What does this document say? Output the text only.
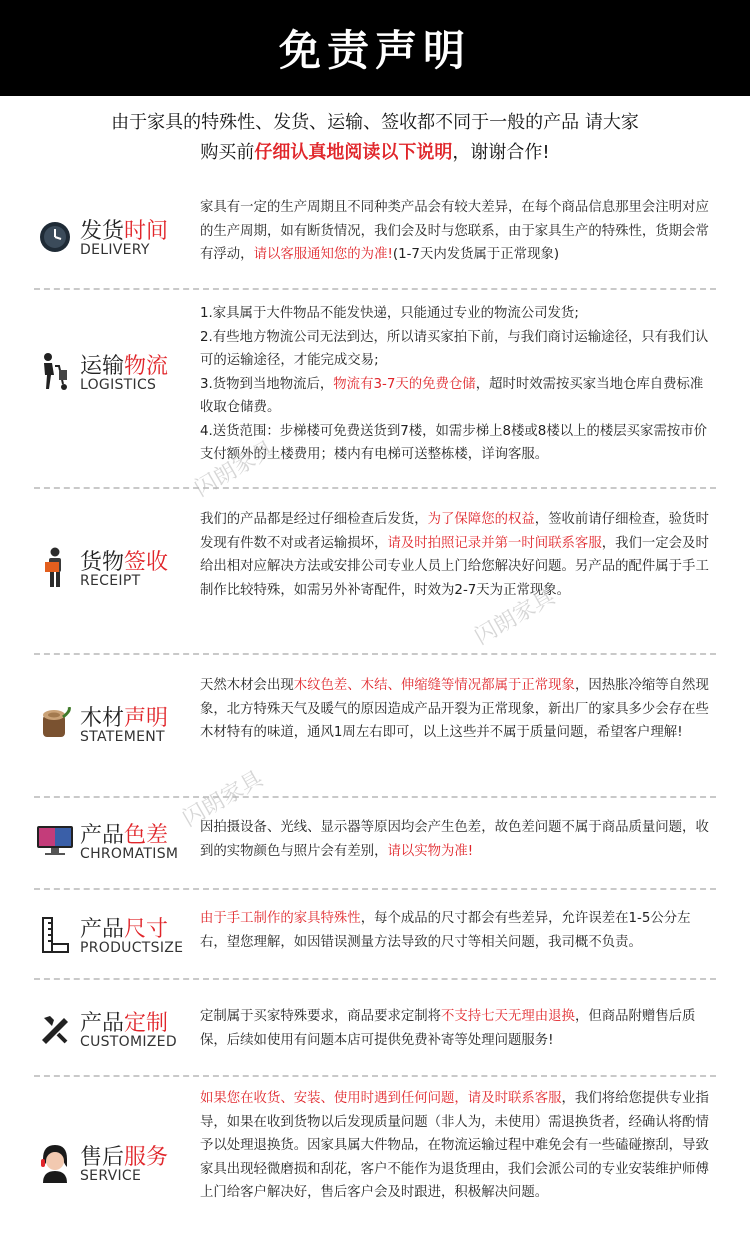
免责声明
由于家具的特殊性、发货、运输、签收都不同于一般的产品 请大家
购买前仔细认真地阅读以下说明，谢谢合作!
发货时间
DELIVERY
家具有一定的生产周期且不同种类产品会有较大差异，在每个商品信息那里会注明对应的生产周期，如有断货情况，我们会及时与您联系，由于家具生产的特殊性，货期会常有浮动，请以客服通知您的为准!(1-7天内发货属于正常现象)
运输物流
LOGISTICS
1.家具属于大件物品不能发快递，只能通过专业的物流公司发货;
2.有些地方物流公司无法到达，所以请买家拍下前，与我们商讨运输途径，只有我们认可的运输途径，才能完成交易;
3.货物到当地物流后，物流有3-7天的免费仓储，超时时效需按买家当地仓库自费标准收取仓储费。
4.送货范围：步梯楼可免费送货到7楼，如需步梯上8楼或8楼以上的楼层买家需按市价支付额外的上楼费用；楼内有电梯可送整栋楼，详询客服。
货物签收
RECEIPT
我们的产品都是经过仔细检查后发货，为了保障您的权益，签收前请仔细检查，验货时发现有件数不对或者运输损坏，请及时拍照记录并第一时间联系客服，我们一定会及时给出相对应解决方法或安排公司专业人员上门给您解决好问题。另产品的配件属于手工制作比较特殊，如需另外补寄配件，时效为2-7天为正常现象。
木材声明
STATEMENT
天然木材会出现木纹色差、木结、伸缩缝等情况都属于正常现象，因热胀冷缩等自然现象，北方特殊天气及暖气的原因造成产品开裂为正常现象，新出厂的家具多少会存在些木材特有的味道，通风1周左右即可，以上这些并不属于质量问题，希望客户理解!
产品色差
CHROMATISM
因拍摄设备、光线、显示器等原因均会产生色差，故色差问题不属于商品质量问题，收到的实物颜色与照片会有差别，请以实物为准!
产品尺寸
PRODUCTSIZE
由于手工制作的家具特殊性，每个成品的尺寸都会有些差异，允许误差在1-5公分左右，望您理解，如因错误测量方法导致的尺寸等相关问题，我司概不负责。
产品定制
CUSTOMIZED
定制属于买家特殊要求，商品要求定制将不支持七天无理由退换，但商品附赠售后质保，后续如使用有问题本店可提供免费补寄等处理问题服务!
售后服务
SERVICE
如果您在收货、安装、使用时遇到任何问题，请及时联系客服，我们将给您提供专业指导，如果在收到货物以后发现质量问题（非人为，未使用）需退换货者，经确认将酌情予以处理退换货。因家具属大件物品，在物流运输过程中难免会有一些磕碰擦刮，导致家具出现轻微磨损和刮花，客户不能作为退货理由，我们会派公司的专业安装维护师傅上门给客户解决好，售后客户会及时跟进，积极解决问题。
闪朗家具
闪朗家具
闪朗家具
